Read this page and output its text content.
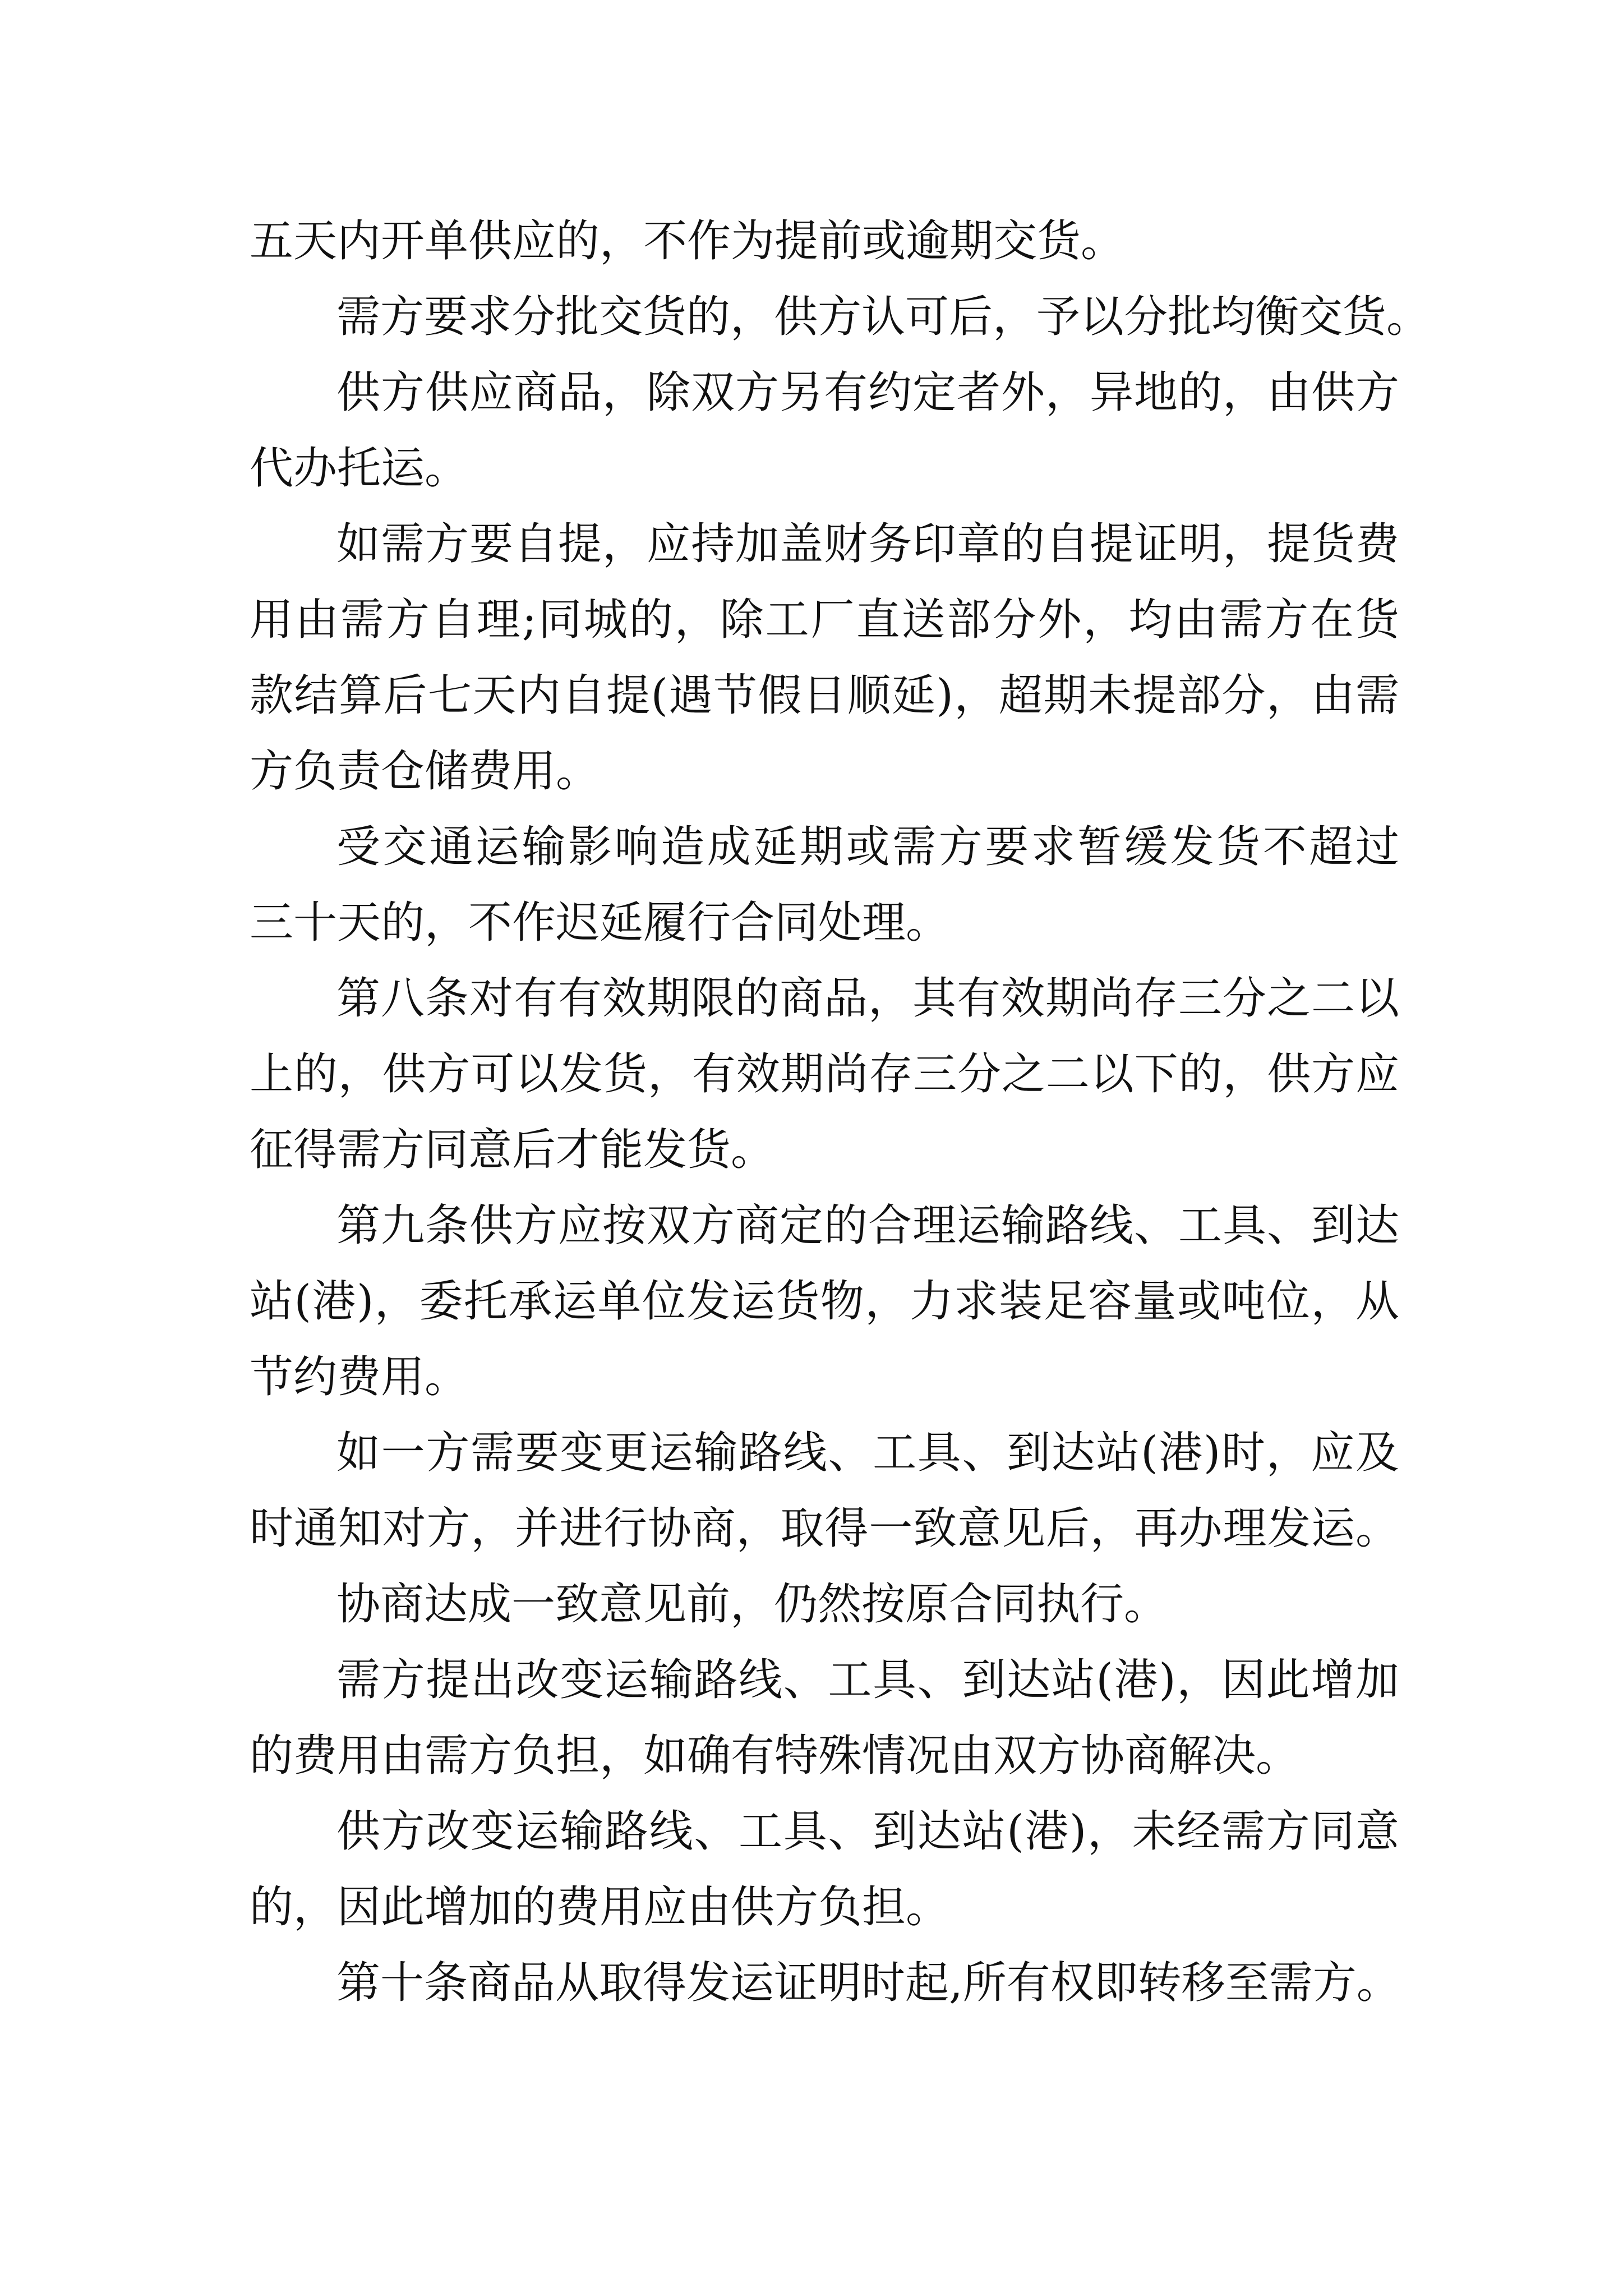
五天内开单供应的，不作为提前或逾期交货。
需方要求分批交货的，供方认可后，予以分批均衡交货。
供方供应商品，除双方另有约定者外，异地的，由供方
代办托运。
如需方要自提，应持加盖财务印章的自提证明，提货费
用由需方自理;同城的，除工厂直送部分外，均由需方在货
款结算后七天内自提(遇节假日顺延)，超期未提部分，由需
方负责仓储费用。
受交通运输影响造成延期或需方要求暂缓发货不超过
三十天的，不作迟延履行合同处理。
第八条对有有效期限的商品，其有效期尚存三分之二以
上的，供方可以发货，有效期尚存三分之二以下的，供方应
征得需方同意后才能发货。
第九条供方应按双方商定的合理运输路线、工具、到达
站(港)，委托承运单位发运货物，力求装足容量或吨位，从
节约费用。
如一方需要变更运输路线、工具、到达站(港)时，应及
时通知对方，并进行协商，取得一致意见后，再办理发运。
协商达成一致意见前，仍然按原合同执行。
需方提出改变运输路线、工具、到达站(港)，因此增加
的费用由需方负担，如确有特殊情况由双方协商解决。
供方改变运输路线、工具、到达站(港)，未经需方同意
的，因此增加的费用应由供方负担。
第十条商品从取得发运证明时起,所有权即转移至需方。
